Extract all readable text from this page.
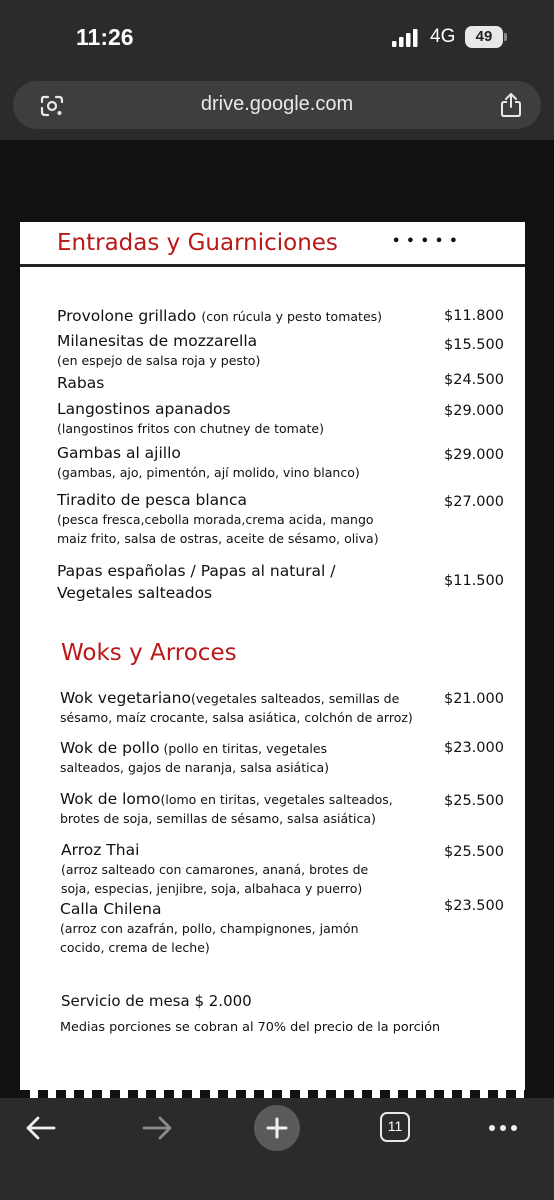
11:26	4G	49
drive.google.com
•••••
Entradas y Guarniciones
Provolone grillado (con rúcula y pesto tomates)	$11.800
Milanesitas de mozzarella
(en espejo de salsa roja y pesto)
$15.500
Rabas	$24.500
Langostinos apanados
(langostinos fritos con chutney de tomate)
$29.000
Gambas al ajillo
(gambas, ajo, pimentón, ají molido, vino blanco)
$29.000
Tiradito de pesca blanca
(pesca fresca,cebolla morada,crema acida, mango
maiz frito, salsa de ostras, aceite de sésamo, oliva)
$27.000
Papas españolas / Papas al natural /
Vegetales salteados
$11.500
Woks y Arroces
Wok vegetariano(vegetales salteados, semillas de
sésamo, maíz crocante, salsa asiática, colchón de arroz)
$21.000
Wok de pollo (pollo en tiritas, vegetales
salteados, gajos de naranja, salsa asiática)
$23.000
Wok de lomo(lomo en tiritas, vegetales salteados,
brotes de soja, semillas de sésamo, salsa asiática)
$25.500
Arroz Thai
(arroz salteado con camarones, ananá, brotes de
soja, especias, jenjibre, soja, albahaca y puerro)
$25.500
Calla Chilena
(arroz con azafrán, pollo, champignones, jamón
cocido, crema de leche)
$23.500
Servicio de mesa $ 2.000
Medias porciones se cobran al 70% del precio de la porción
11
